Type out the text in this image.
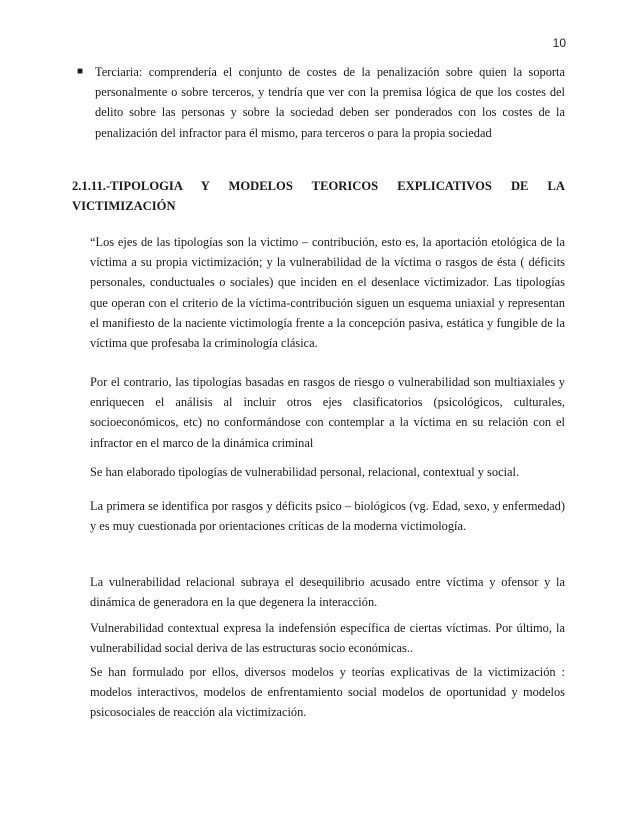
10
■ Terciaria: comprendería el conjunto de costes de la penalización sobre quien la soporta personalmente o sobre terceros, y tendría que ver con la premisa lógica de que los costes del delito sobre las personas y sobre la sociedad deben ser ponderados con los costes de la penalización del infractor para él mismo, para terceros o para la propia sociedad
2.1.11.-TIPOLOGIA Y MODELOS TEORICOS EXPLICATIVOS DE LA
VICTIMIZACIÓN

“Los ejes de las tipologías son la victimo – contribución, esto es, la aportación etológica de la víctima a su propia victimización; y la vulnerabilidad de la víctima o rasgos de ésta ( déficits personales, conductuales o sociales) que inciden en el desenlace victimizador. Las tipologías que operan con el criterio de la víctima-contribución siguen un esquema uniaxial y representan el manifiesto de la naciente victimología frente a la concepción pasiva, estática y fungible de la víctima que profesaba la criminología clásica.

Por el contrario, las tipologías basadas en rasgos de riesgo o vulnerabilidad son multiaxiales y enriquecen el análisis al incluir otros ejes clasificatorios (psicológicos, culturales, socioeconómicos, etc) no conformándose con contemplar a la víctima en su relación con el infractor en el marco de la dinámica criminal

Se han elaborado tipologías de vulnerabilidad personal, relacional, contextual y social.

La primera se identifica por rasgos y déficits psico – biológicos (vg. Edad, sexo, y enfermedad) y es muy cuestionada por orientaciones críticas de la moderna victimología.

La vulnerabilidad relacional subraya el desequilibrio acusado entre víctima y ofensor y la dinámica de generadora en la que degenera la interacción.

Vulnerabilidad contextual expresa la indefensión específica de ciertas víctimas. Por último, la vulnerabilidad social deriva de las estructuras socio económicas..

Se han formulado por ellos, diversos modelos y teorías explicativas de la victimización : modelos interactivos, modelos de enfrentamiento social modelos de oportunidad y modelos psicosociales de reacción ala victimización.
